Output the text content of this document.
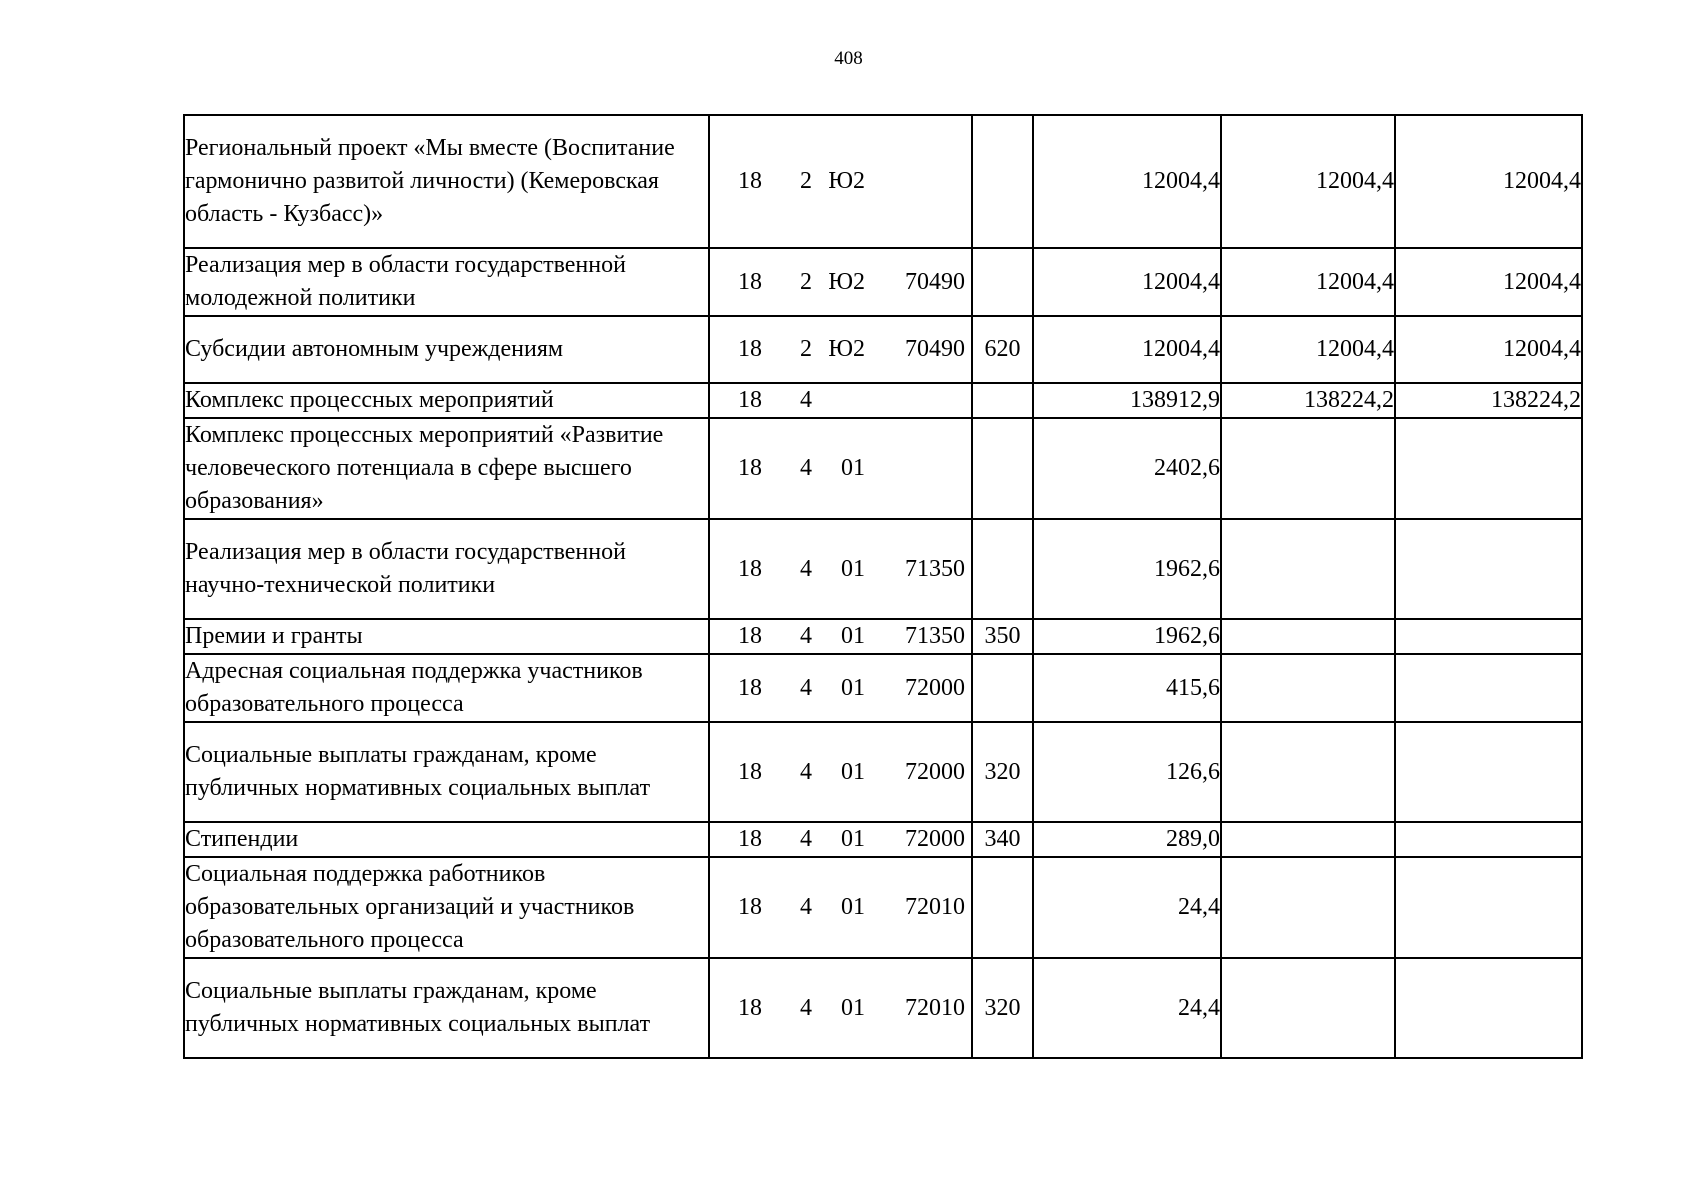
408
Региональный проект «Мы вместе (Воспитание гармонично развитой личности) (Кемеровская область - Кузбасс)»	18 2 Ю2		12004,4	12004,4	12004,4
Реализация мер в области государственной молодежной политики	18 2 Ю2 70490		12004,4	12004,4	12004,4
Субсидии автономным учреждениям	18 2 Ю2 70490	620	12004,4	12004,4	12004,4
Комплекс процессных мероприятий	18 4		138912,9	138224,2	138224,2
Комплекс процессных мероприятий «Развитие человеческого потенциала в сфере высшего образования»	18 4 01		2402,6		
Реализация мер в области государственной научно-технической политики	18 4 01 71350		1962,6		
Премии и гранты	18 4 01 71350	350	1962,6		
Адресная социальная поддержка участников образовательного процесса	18 4 01 72000		415,6		
Социальные выплаты гражданам, кроме публичных нормативных социальных выплат	18 4 01 72000	320	126,6		
Стипендии	18 4 01 72000	340	289,0		
Социальная поддержка работников образовательных организаций и участников образовательного процесса	18 4 01 72010		24,4		
Социальные выплаты гражданам, кроме публичных нормативных социальных выплат	18 4 01 72010	320	24,4		
